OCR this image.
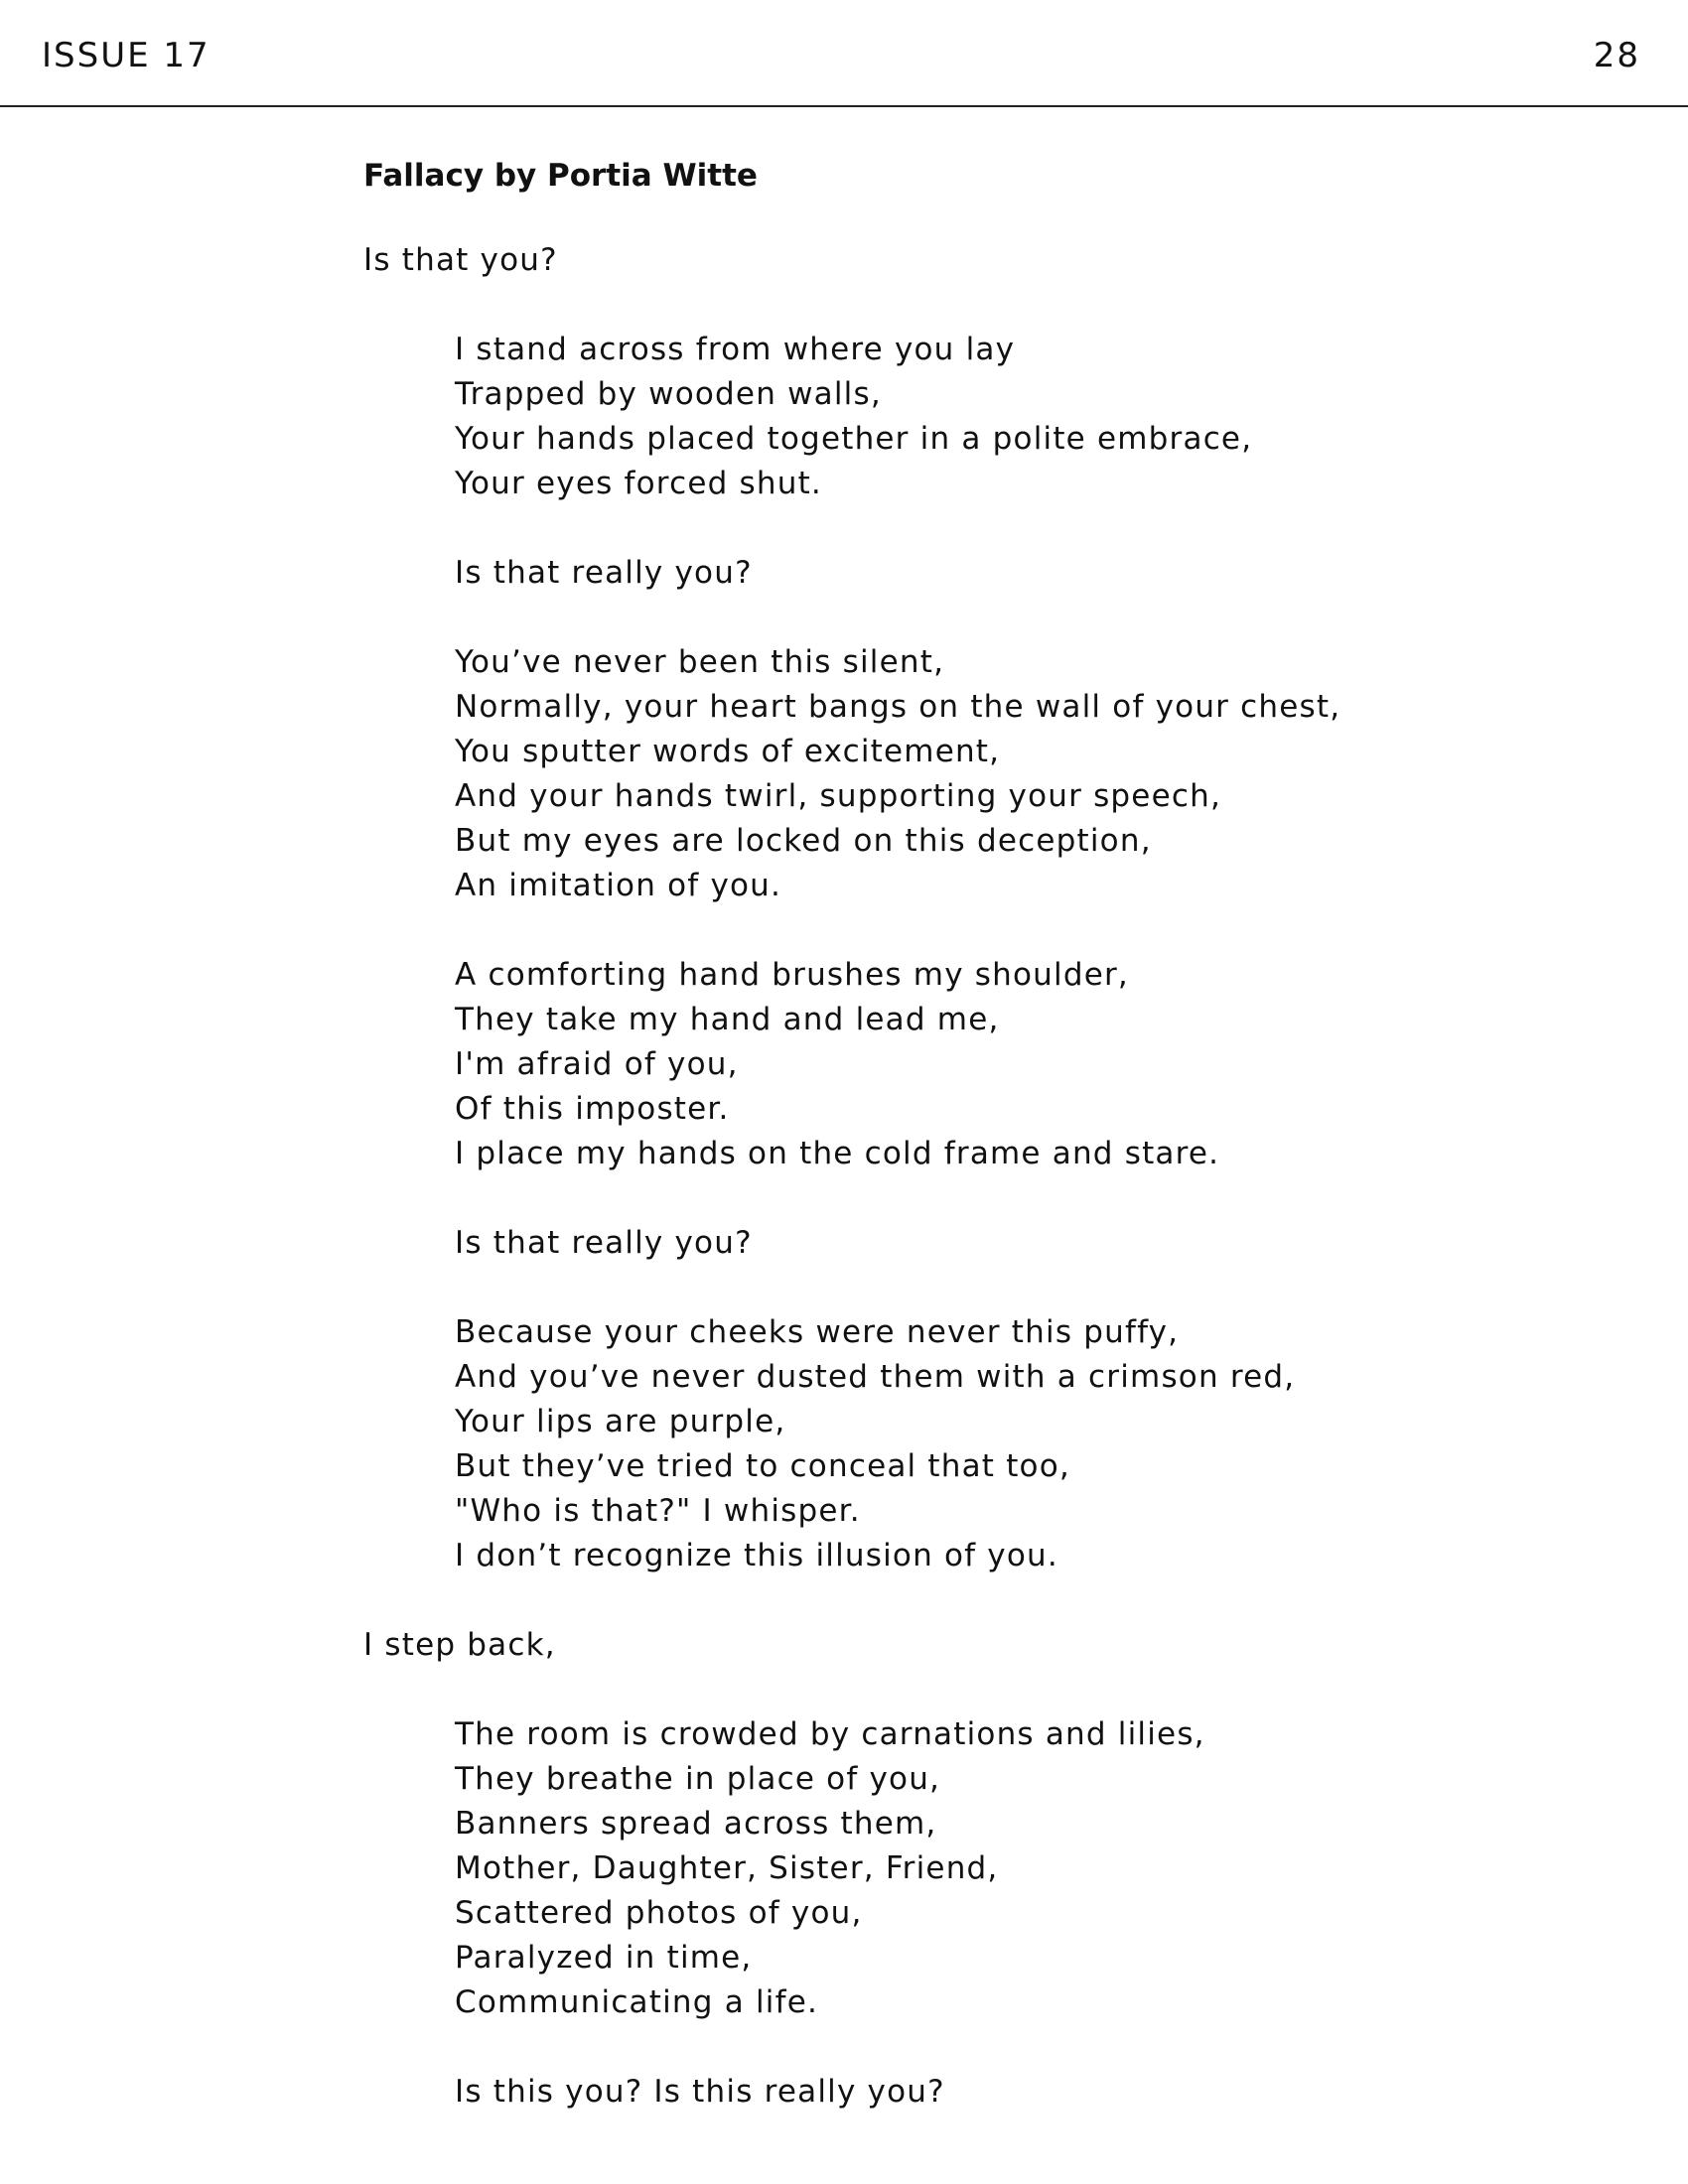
ISSUE 17	28
Fallacy by Portia Witte
Is that you?
I stand across from where you lay
Trapped by wooden walls,
Your hands placed together in a polite embrace,
Your eyes forced shut.
Is that really you?
You’ve never been this silent,
Normally, your heart bangs on the wall of your chest,
You sputter words of excitement,
And your hands twirl, supporting your speech,
But my eyes are locked on this deception,
An imitation of you.
A comforting hand brushes my shoulder,
They take my hand and lead me,
I'm afraid of you,
Of this imposter.
I place my hands on the cold frame and stare.
Is that really you?
Because your cheeks were never this puffy,
And you’ve never dusted them with a crimson red,
Your lips are purple,
But they’ve tried to conceal that too,
"Who is that?" I whisper.
I don’t recognize this illusion of you.
I step back,
The room is crowded by carnations and lilies,
They breathe in place of you,
Banners spread across them,
Mother, Daughter, Sister, Friend,
Scattered photos of you,
Paralyzed in time,
Communicating a life.
Is this you? Is this really you?
